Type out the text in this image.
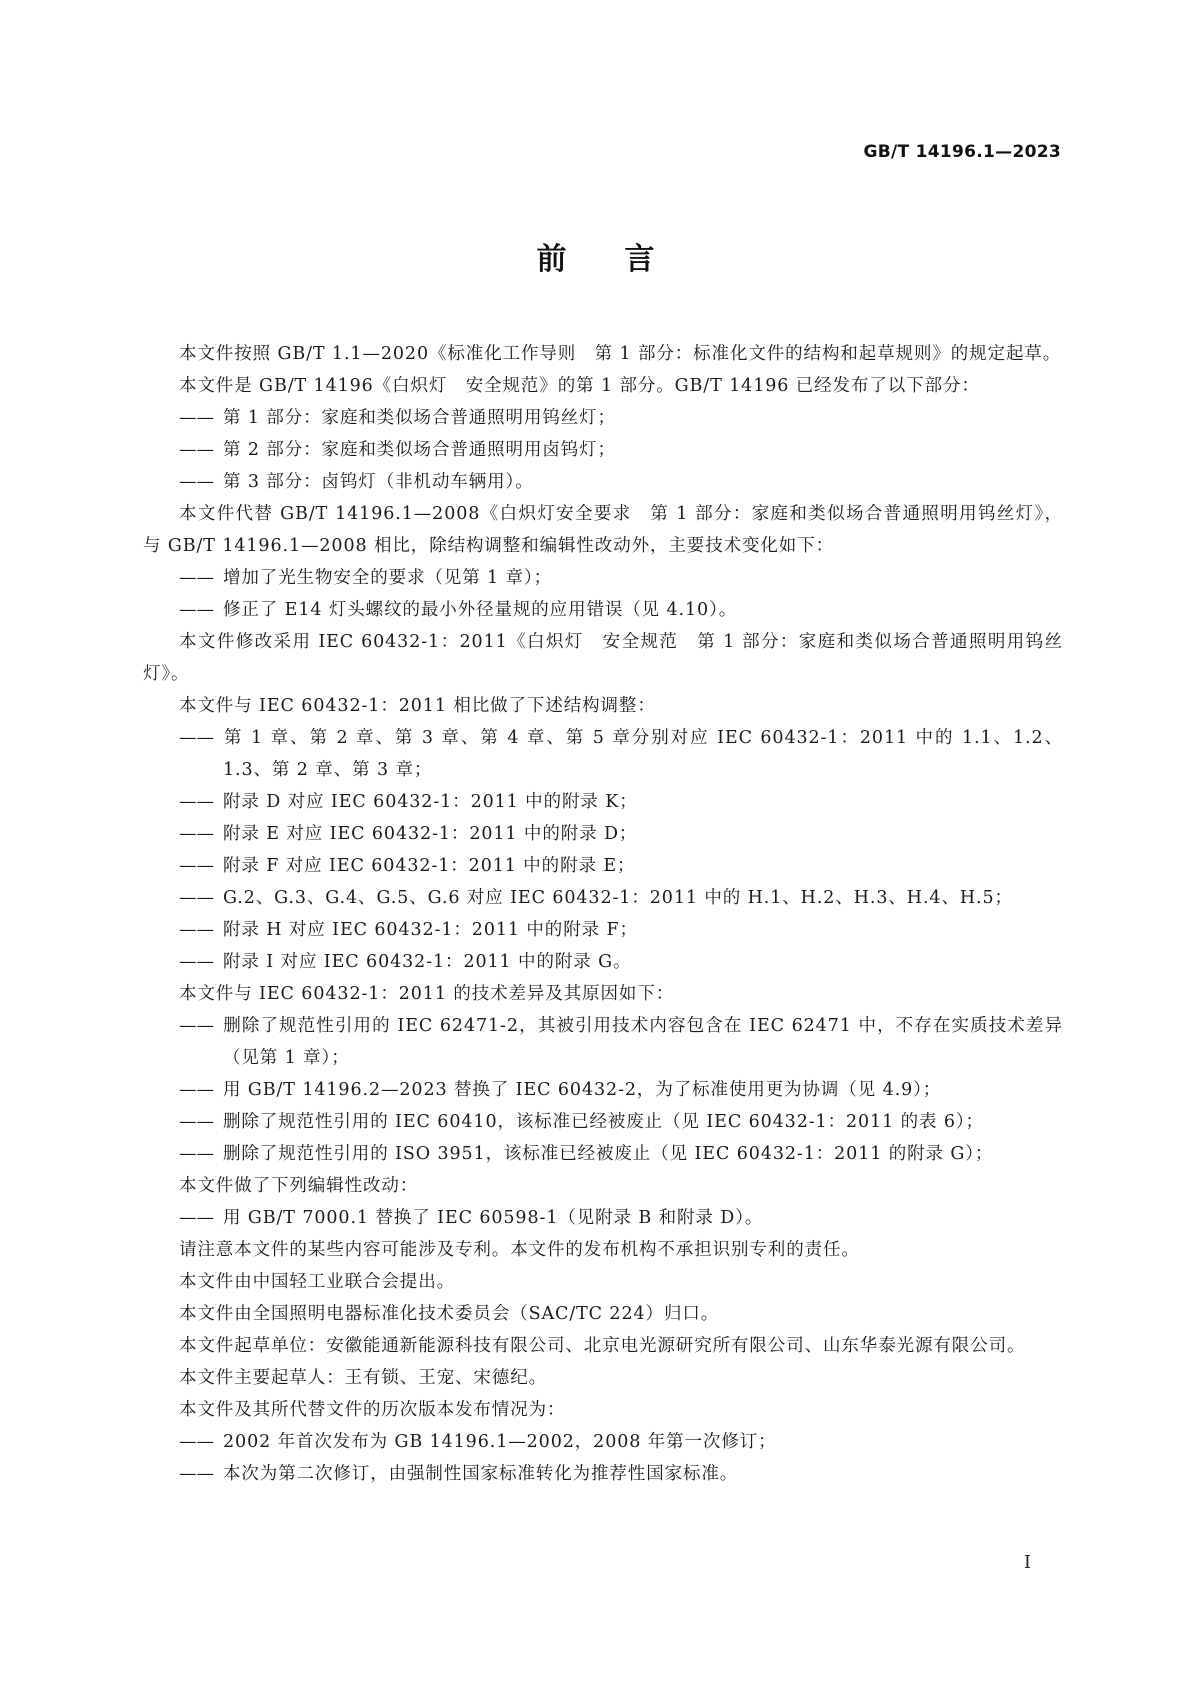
GB/T 14196.1—2023
前言
本文件按照 GB/T 1.1—2020《标准化工作导则　第 1 部分：标准化文件的结构和起草规则》的规定起草。
本文件是 GB/T 14196《白炽灯　安全规范》的第 1 部分。GB/T 14196 已经发布了以下部分：
—— 第 1 部分：家庭和类似场合普通照明用钨丝灯；
—— 第 2 部分：家庭和类似场合普通照明用卤钨灯；
—— 第 3 部分：卤钨灯（非机动车辆用）。
本文件代替 GB/T 14196.1—2008《白炽灯安全要求　第 1 部分：家庭和类似场合普通照明用钨丝灯》，与 GB/T 14196.1—2008 相比，除结构调整和编辑性改动外，主要技术变化如下：
—— 增加了光生物安全的要求（见第 1 章）；
—— 修正了 E14 灯头螺纹的最小外径量规的应用错误（见 4.10）。
本文件修改采用 IEC 60432-1：2011《白炽灯　安全规范　第 1 部分：家庭和类似场合普通照明用钨丝灯》。
本文件与 IEC 60432-1：2011 相比做了下述结构调整：
—— 第 1 章、第 2 章、第 3 章、第 4 章、第 5 章分别对应 IEC 60432-1：2011 中的 1.1、1.2、1.3、第 2 章、第 3 章；
—— 附录 D 对应 IEC 60432-1：2011 中的附录 K；
—— 附录 E 对应 IEC 60432-1：2011 中的附录 D；
—— 附录 F 对应 IEC 60432-1：2011 中的附录 E；
—— G.2、G.3、G.4、G.5、G.6 对应 IEC 60432-1：2011 中的 H.1、H.2、H.3、H.4、H.5；
—— 附录 H 对应 IEC 60432-1：2011 中的附录 F；
—— 附录 I 对应 IEC 60432-1：2011 中的附录 G。
本文件与 IEC 60432-1：2011 的技术差异及其原因如下：
—— 删除了规范性引用的 IEC 62471-2，其被引用技术内容包含在 IEC 62471 中，不存在实质技术差异（见第 1 章）；
—— 用 GB/T 14196.2—2023 替换了 IEC 60432-2，为了标准使用更为协调（见 4.9）；
—— 删除了规范性引用的 IEC 60410，该标准已经被废止（见 IEC 60432-1：2011 的表 6）；
—— 删除了规范性引用的 ISO 3951，该标准已经被废止（见 IEC 60432-1：2011 的附录 G）；
本文件做了下列编辑性改动：
—— 用 GB/T 7000.1 替换了 IEC 60598-1（见附录 B 和附录 D）。
请注意本文件的某些内容可能涉及专利。本文件的发布机构不承担识别专利的责任。
本文件由中国轻工业联合会提出。
本文件由全国照明电器标准化技术委员会（SAC/TC 224）归口。
本文件起草单位：安徽能通新能源科技有限公司、北京电光源研究所有限公司、山东华泰光源有限公司。
本文件主要起草人：王有锁、王宠、宋德纪。
本文件及其所代替文件的历次版本发布情况为：
—— 2002 年首次发布为 GB 14196.1—2002，2008 年第一次修订；
—— 本次为第二次修订，由强制性国家标准转化为推荐性国家标准。
I
